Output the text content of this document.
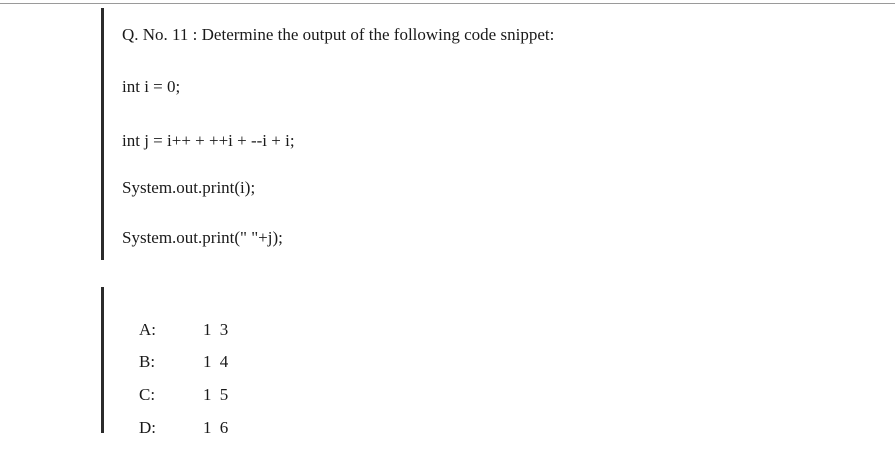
Q. No. 11 : Determine the output of the following code snippet:
int i = 0;
int j = i++ + ++i + --i + i;
System.out.print(i);
System.out.print(" "+j);

A:	1 3

B:	1 4

C:	1 5

D:	1 6
